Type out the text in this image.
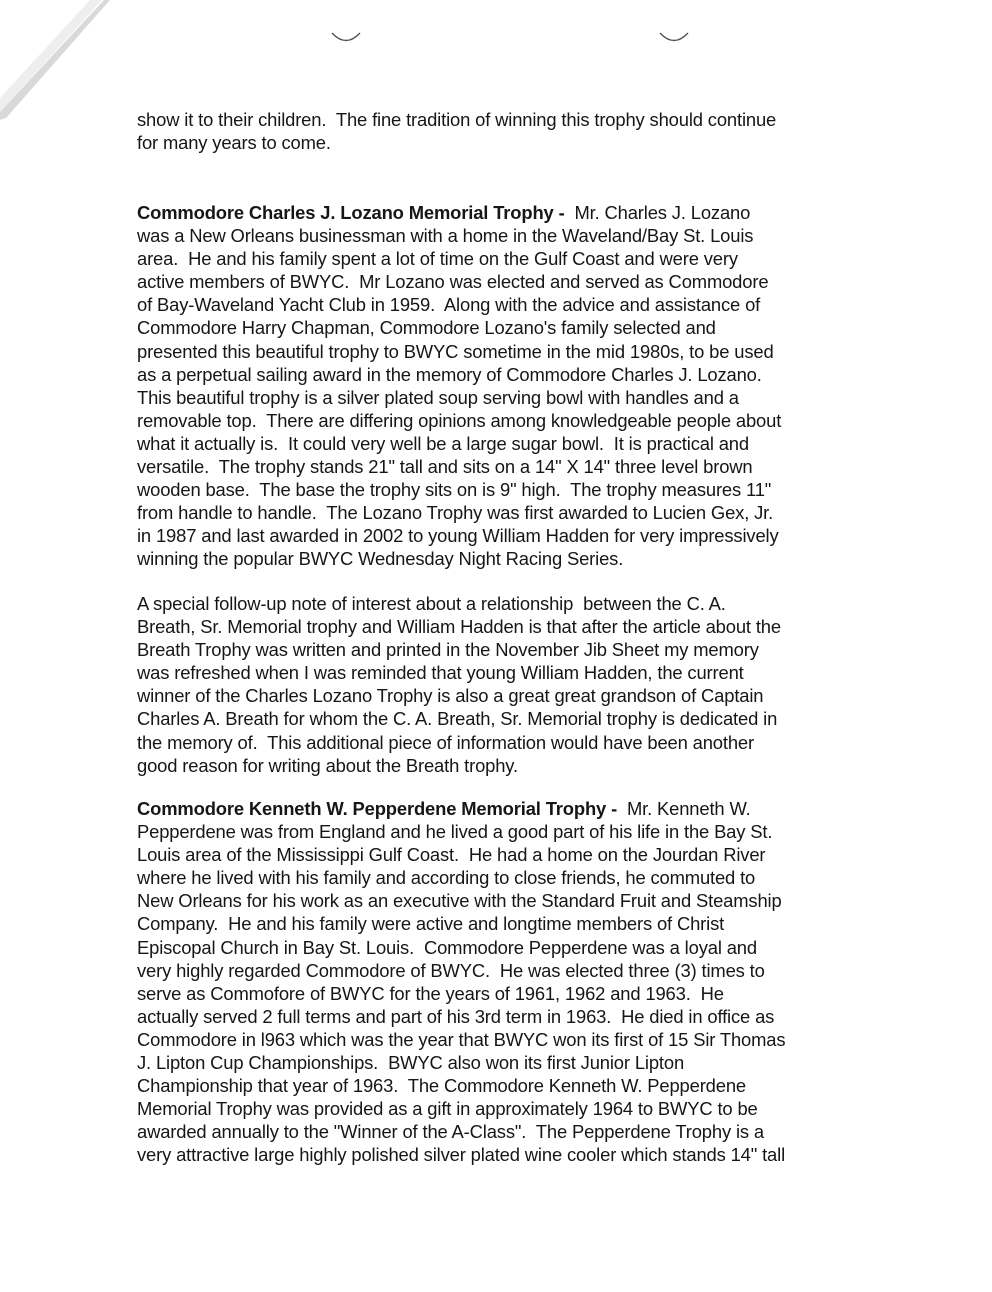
show it to their children.  The fine tradition of winning this trophy should continue
for many years to come.
Commodore Charles J. Lozano Memorial Trophy -  Mr. Charles J. Lozano
was a New Orleans businessman with a home in the Waveland/Bay St. Louis
area.  He and his family spent a lot of time on the Gulf Coast and were very
active members of BWYC.  Mr Lozano was elected and served as Commodore
of Bay-Waveland Yacht Club in 1959.  Along with the advice and assistance of
Commodore Harry Chapman, Commodore Lozano's family selected and
presented this beautiful trophy to BWYC sometime in the mid 1980s, to be used
as a perpetual sailing award in the memory of Commodore Charles J. Lozano.
This beautiful trophy is a silver plated soup serving bowl with handles and a
removable top.  There are differing opinions among knowledgeable people about
what it actually is.  It could very well be a large sugar bowl.  It is practical and
versatile.  The trophy stands 21" tall and sits on a 14" X 14" three level brown
wooden base.  The base the trophy sits on is 9" high.  The trophy measures 11"
from handle to handle.  The Lozano Trophy was first awarded to Lucien Gex, Jr.
in 1987 and last awarded in 2002 to young William Hadden for very impressively
winning the popular BWYC Wednesday Night Racing Series.
A special follow-up note of interest about a relationship  between the C. A.
Breath, Sr. Memorial trophy and William Hadden is that after the article about the
Breath Trophy was written and printed in the November Jib Sheet my memory
was refreshed when I was reminded that young William Hadden, the current
winner of the Charles Lozano Trophy is also a great great grandson of Captain
Charles A. Breath for whom the C. A. Breath, Sr. Memorial trophy is dedicated in
the memory of.  This additional piece of information would have been another
good reason for writing about the Breath trophy.
Commodore Kenneth W. Pepperdene Memorial Trophy -  Mr. Kenneth W.
Pepperdene was from England and he lived a good part of his life in the Bay St.
Louis area of the Mississippi Gulf Coast.  He had a home on the Jourdan River
where he lived with his family and according to close friends, he commuted to
New Orleans for his work as an executive with the Standard Fruit and Steamship
Company.  He and his family were active and longtime members of Christ
Episcopal Church in Bay St. Louis.  Commodore Pepperdene was a loyal and
very highly regarded Commodore of BWYC.  He was elected three (3) times to
serve as Commofore of BWYC for the years of 1961, 1962 and 1963.  He
actually served 2 full terms and part of his 3rd term in 1963.  He died in office as
Commodore in l963 which was the year that BWYC won its first of 15 Sir Thomas
J. Lipton Cup Championships.  BWYC also won its first Junior Lipton
Championship that year of 1963.  The Commodore Kenneth W. Pepperdene
Memorial Trophy was provided as a gift in approximately 1964 to BWYC to be
awarded annually to the "Winner of the A-Class".  The Pepperdene Trophy is a
very attractive large highly polished silver plated wine cooler which stands 14" tall
